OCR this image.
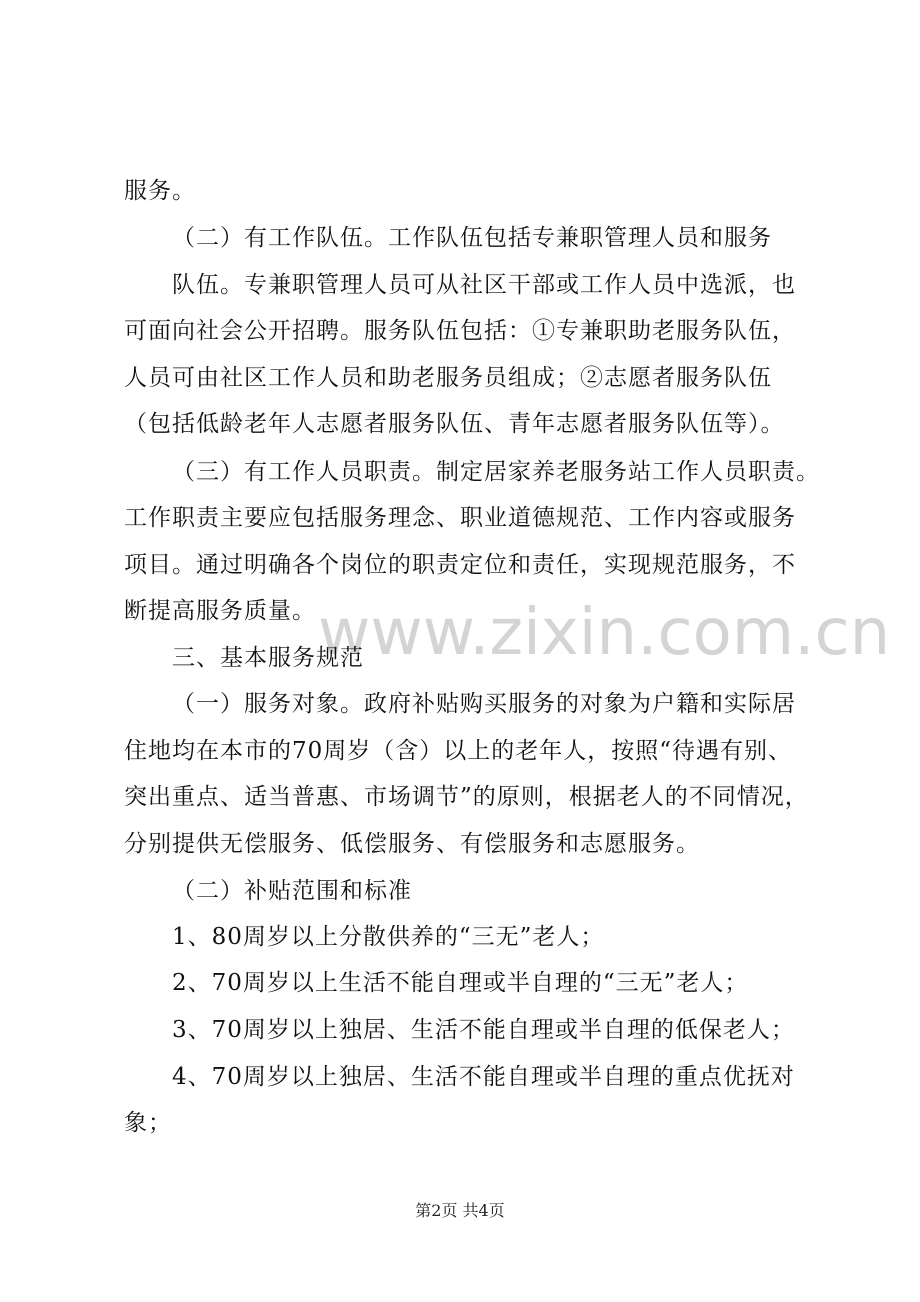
www.zixin.com.cn
服务。
（二）有工作队伍。工作队伍包括专兼职管理人员和服务
队伍。专兼职管理人员可从社区干部或工作人员中选派，也
可面向社会公开招聘。服务队伍包括：①专兼职助老服务队伍，
人员可由社区工作人员和助老服务员组成；②志愿者服务队伍
（包括低龄老年人志愿者服务队伍、青年志愿者服务队伍等）。
（三）有工作人员职责。制定居家养老服务站工作人员职责。
工作职责主要应包括服务理念、职业道德规范、工作内容或服务
项目。通过明确各个岗位的职责定位和责任，实现规范服务，不
断提高服务质量。
三、基本服务规范
（一）服务对象。政府补贴购买服务的对象为户籍和实际居
住地均在本市的70周岁（含）以上的老年人，按照“待遇有别、
突出重点、适当普惠、市场调节”的原则，根据老人的不同情况，
分别提供无偿服务、低偿服务、有偿服务和志愿服务。
（二）补贴范围和标准
1、80周岁以上分散供养的“三无”老人；
2、70周岁以上生活不能自理或半自理的“三无”老人；
3、70周岁以上独居、生活不能自理或半自理的低保老人；
4、70周岁以上独居、生活不能自理或半自理的重点优抚对
象；
第2页 共4页
